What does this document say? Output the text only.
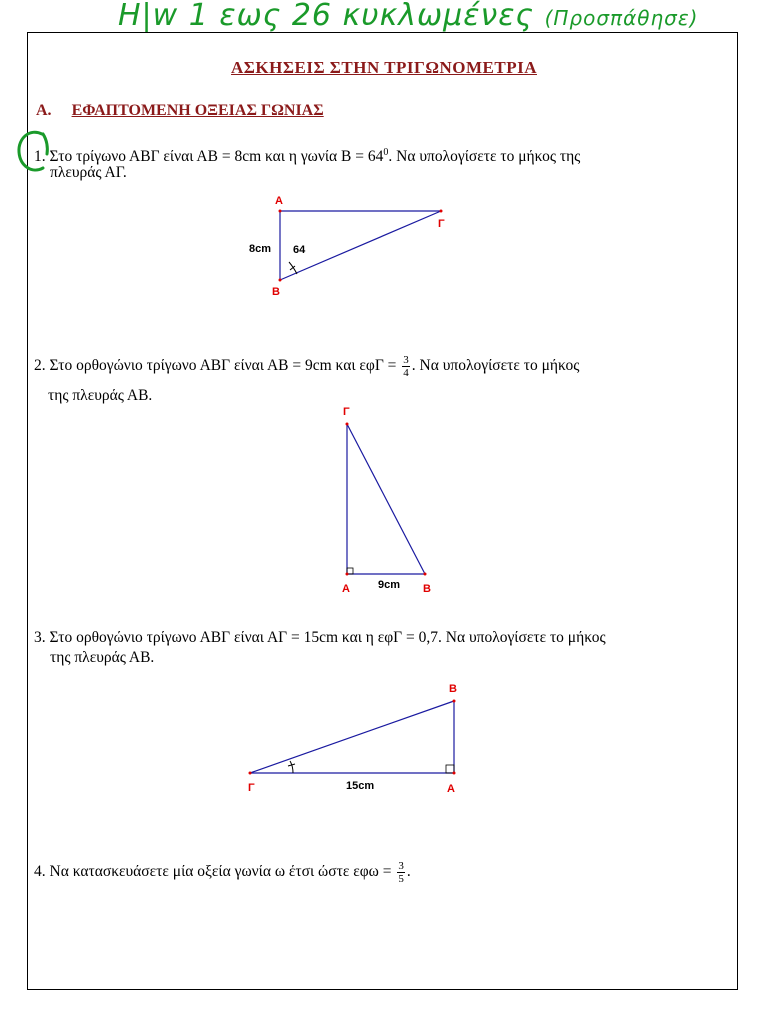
H|w 1 εως 26 κυκλωμένες (Προσπάθησε)
ΑΣΚΗΣΕΙΣ ΣΤΗΝ ΤΡΙΓΩΝΟΜΕΤΡΙΑ
Α. ΕΦΑΠΤΟΜΕΝΗ ΟΞΕΙΑΣ ΓΩΝΙΑΣ
1. Στο τρίγωνο ΑΒΓ είναι ΑΒ = 8cm και η γωνία $B = 64^0$. Να υπολογίσετε το μήκος της
πλευράς ΑΓ.
A
Γ
B
8cm 64
2. Στο ορθογώνιο τρίγωνο ΑΒΓ είναι ΑΒ = 9cm και $\varepsilon\varphi\Gamma = \frac{3}{4}$ . Να υπολογίσετε το μήκος
της πλευράς ΑΒ.
Γ
A	B
9cm
3. Στο ορθογώνιο τρίγωνο ΑΒΓ είναι ΑΓ = 15cm και η εφΓ = 0,7. Να υπολογίσετε το μήκος
της πλευράς ΑΒ.
B
Γ	A
15cm
4. Να κατασκευάσετε μία οξεία γωνία ω έτσι ώστε $\varepsilon\varphi\omega = \frac{3}{5}$ .
